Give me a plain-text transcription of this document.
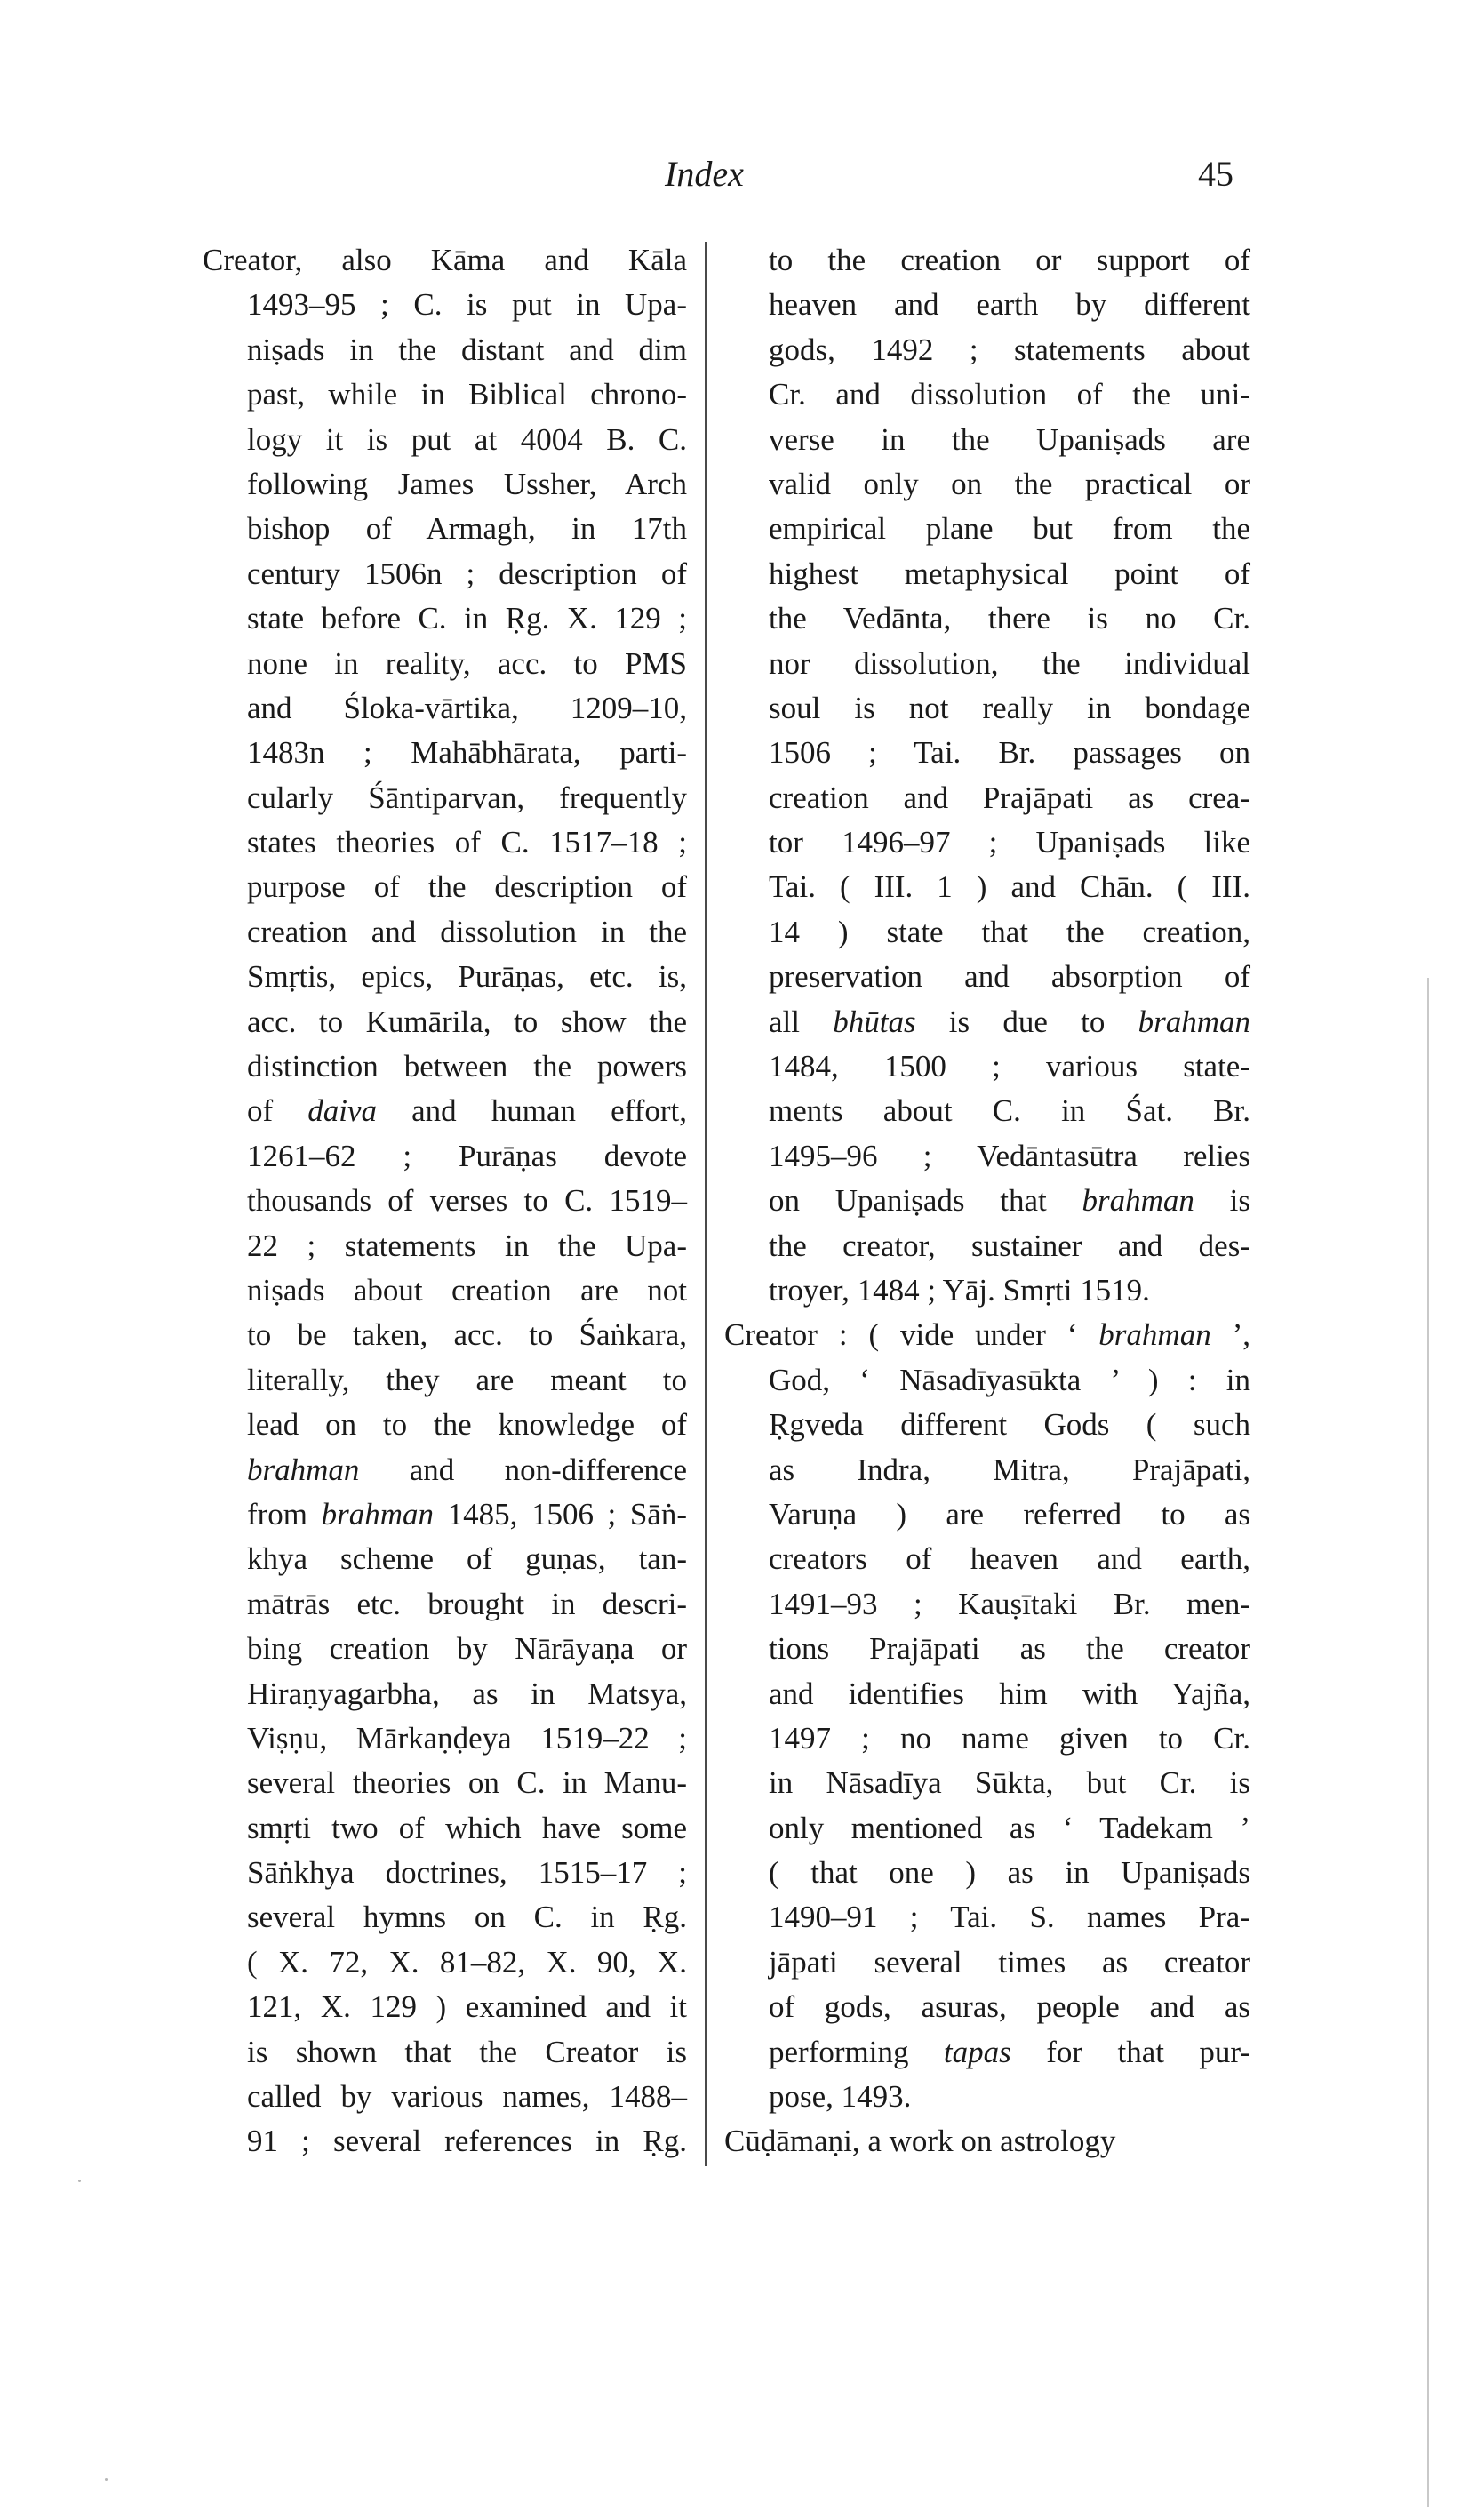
Index	45
Creator, also Kāma and Kāla
1493–95 ; C. is put in Upa-
niṣads in the distant and dim
past, while in Biblical chrono-
logy it is put at 4004 B. C.
following James Ussher, Arch
bishop of Armagh, in 17th
century 1506n ; description of
state before C. in Ṛg. X. 129 ;
none in reality, acc. to PMS
and Śloka-vārtika, 1209–10,
1483n ; Mahābhārata, parti-
cularly Śāntiparvan, frequently
states theories of C. 1517–18 ;
purpose of the description of
creation and dissolution in the
Smṛtis, epics, Purāṇas, etc. is,
acc. to Kumārila, to show the
distinction between the powers
of daiva and human effort,
1261–62 ; Purāṇas devote
thousands of verses to C. 1519–
22 ; statements in the Upa-
niṣads about creation are not
to be taken, acc. to Śaṅkara,
literally, they are meant to
lead on to the knowledge of
brahman and non-difference
from brahman 1485, 1506 ; Sāṅ-
khya scheme of guṇas, tan-
mātrās etc. brought in descri-
bing creation by Nārāyaṇa or
Hiraṇyagarbha, as in Matsya,
Viṣṇu, Mārkaṇḍeya 1519–22 ;
several theories on C. in Manu-
smṛti two of which have some
Sāṅkhya doctrines, 1515–17 ;
several hymns on C. in Ṛg.
( X. 72, X. 81–82, X. 90, X.
121, X. 129 ) examined and it
is shown that the Creator is
called by various names, 1488–
91 ; several references in Ṛg.
to the creation or support of
heaven and earth by different
gods, 1492 ; statements about
Cr. and dissolution of the uni-
verse in the Upaniṣads are
valid only on the practical or
empirical plane but from the
highest metaphysical point of
the Vedānta, there is no Cr.
nor dissolution, the individual
soul is not really in bondage
1506 ; Tai. Br. passages on
creation and Prajāpati as crea-
tor 1496–97 ; Upaniṣads like
Tai. ( III. 1 ) and Chān. ( III.
14 ) state that the creation,
preservation and absorption of
all bhūtas is due to brahman
1484, 1500 ; various state-
ments about C. in Śat. Br.
1495–96 ; Vedāntasūtra relies
on Upaniṣads that brahman is
the creator, sustainer and des-
troyer, 1484 ; Yāj. Smṛti 1519.
Creator : ( vide under ‘ brahman ’,
God, ‘ Nāsadīyasūkta ’ ) : in
Ṛgveda different Gods ( such
as Indra, Mitra, Prajāpati,
Varuṇa ) are referred to as
creators of heaven and earth,
1491–93 ; Kauṣītaki Br. men-
tions Prajāpati as the creator
and identifies him with Yajña,
1497 ; no name given to Cr.
in Nāsadīya Sūkta, but Cr. is
only mentioned as ‘ Tadekam ’
( that one ) as in Upaniṣads
1490–91 ; Tai. S. names Pra-
jāpati several times as creator
of gods, asuras, people and as
performing tapas for that pur-
pose, 1493.
Cūḍāmaṇi, a work on astrology
